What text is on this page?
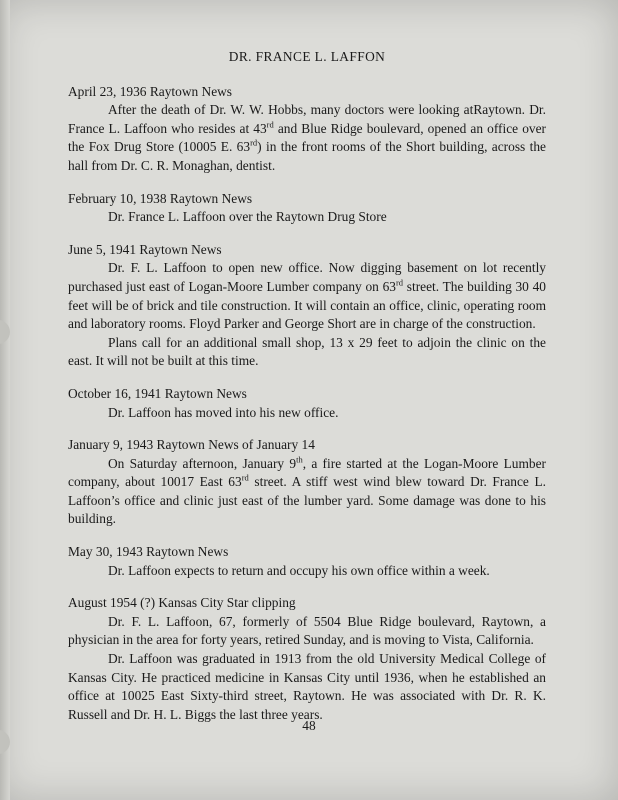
DR. FRANCE L. LAFFON

April 23, 1936 Raytown News

After the death of Dr. W. W. Hobbs, many doctors were looking atRaytown. Dr. France L. Laffoon who resides at 43rd and Blue Ridge boulevard, opened an office over the Fox Drug Store (10005 E. 63rd) in the front rooms of the Short building, across the hall from Dr. C. R. Monaghan, dentist.

February 10, 1938 Raytown News

Dr. France L. Laffoon over the Raytown Drug Store

June 5, 1941 Raytown News

Dr. F. L. Laffoon to open new office. Now digging basement on lot recently purchased just east of Logan-Moore Lumber company on 63rd street. The building 30 40 feet will be of brick and tile construction. It will contain an office, clinic, operating room and laboratory rooms. Floyd Parker and George Short are in charge of the construction.

Plans call for an additional small shop, 13 x 29 feet to adjoin the clinic on the east. It will not be built at this time.

October 16, 1941 Raytown News

Dr. Laffoon has moved into his new office.

January 9, 1943 Raytown News of January 14

On Saturday afternoon, January 9th, a fire started at the Logan-Moore Lumber company, about 10017 East 63rd street. A stiff west wind blew toward Dr. France L. Laffoon’s office and clinic just east of the lumber yard. Some damage was done to his building.

May 30, 1943 Raytown News

Dr. Laffoon expects to return and occupy his own office within a week.

August 1954 (?) Kansas City Star clipping

Dr. F. L. Laffoon, 67, formerly of 5504 Blue Ridge boulevard, Raytown, a physician in the area for forty years, retired Sunday, and is moving to Vista, California.

Dr. Laffoon was graduated in 1913 from the old University Medical College of Kansas City. He practiced medicine in Kansas City until 1936, when he established an office at 10025 East Sixty-third street, Raytown. He was associated with Dr. R. K. Russell and Dr. H. L. Biggs the last three years.

48
